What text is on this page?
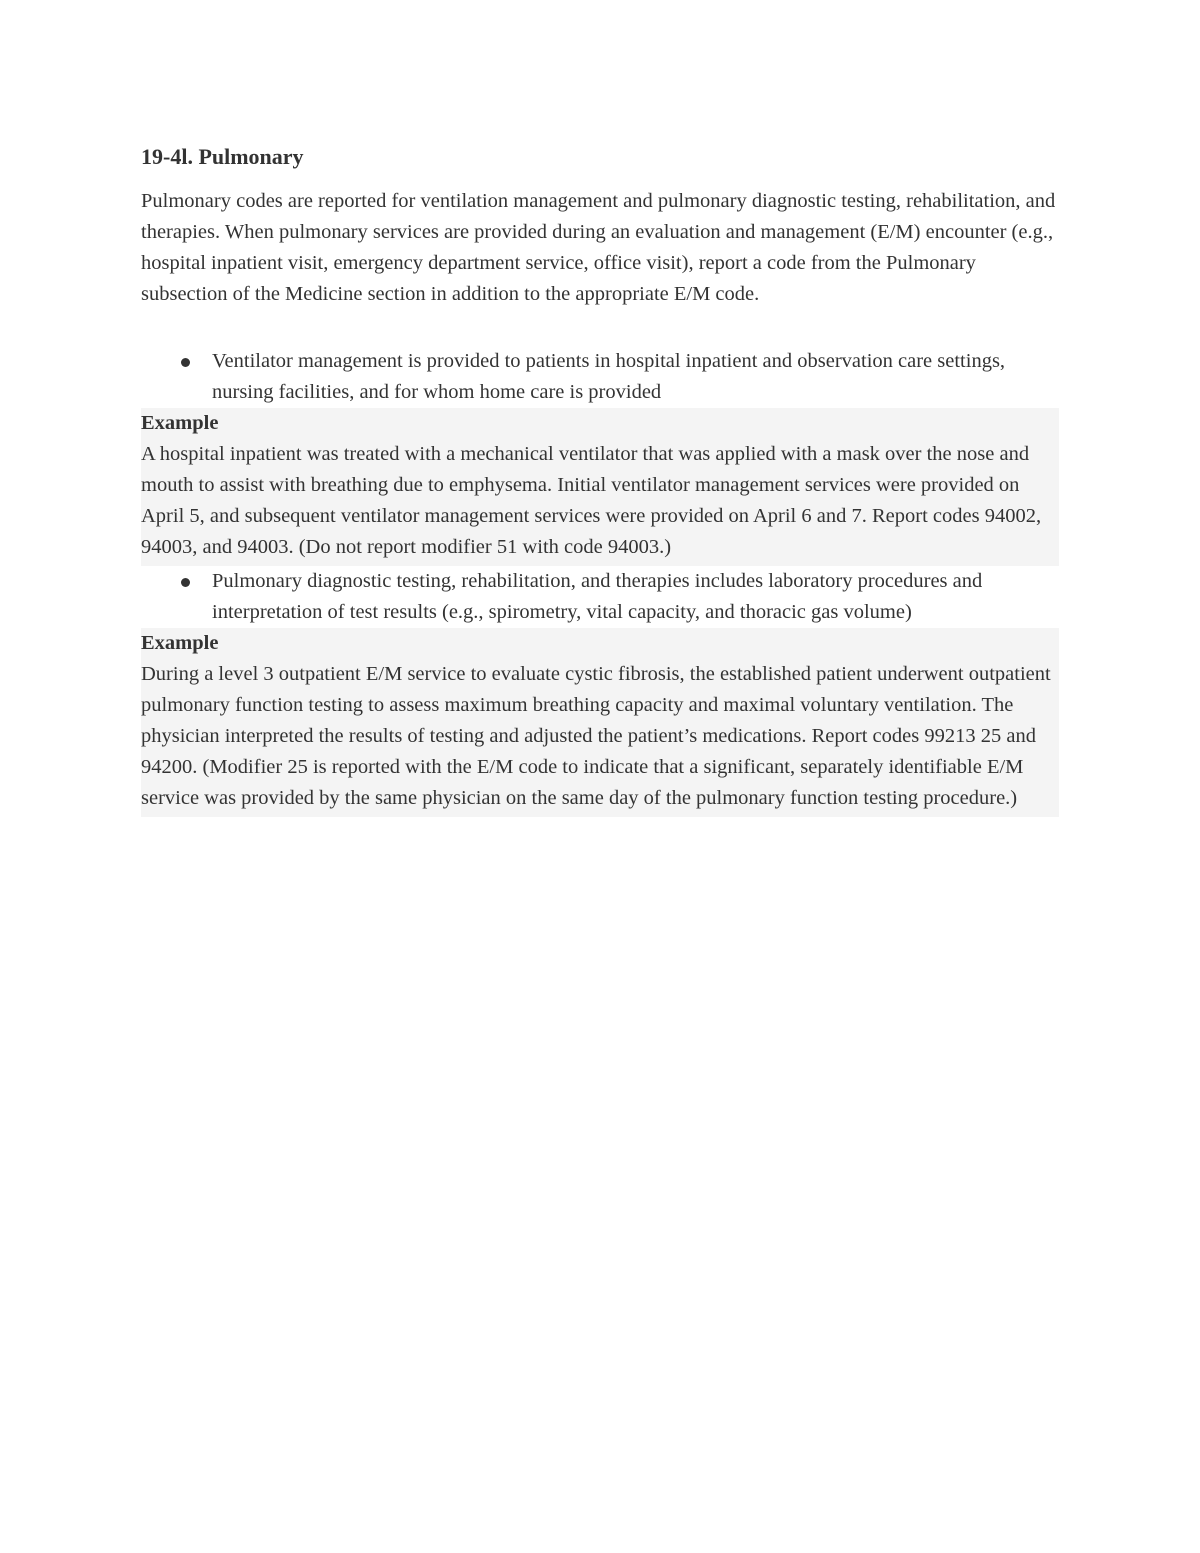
19-4l. Pulmonary

Pulmonary codes are reported for ventilation management and pulmonary diagnostic testing, rehabilitation, and therapies. When pulmonary services are provided during an evaluation and management (E/M) encounter (e.g., hospital inpatient visit, emergency department service, office visit), report a code from the Pulmonary subsection of the Medicine section in addition to the appropriate E/M code.

Ventilator management is provided to patients in hospital inpatient and observation care settings, nursing facilities, and for whom home care is provided
Example
A hospital inpatient was treated with a mechanical ventilator that was applied with a mask over the nose and mouth to assist with breathing due to emphysema. Initial ventilator management services were provided on April 5, and subsequent ventilator management services were provided on April 6 and 7. Report codes 94002, 94003, and 94003. (Do not report modifier 51 with code 94003.)
Pulmonary diagnostic testing, rehabilitation, and therapies includes laboratory procedures and interpretation of test results (e.g., spirometry, vital capacity, and thoracic gas volume)
Example
During a level 3 outpatient E/M service to evaluate cystic fibrosis, the established patient underwent outpatient pulmonary function testing to assess maximum breathing capacity and maximal voluntary ventilation. The physician interpreted the results of testing and adjusted the patient’s medications. Report codes 99213 25 and 94200. (Modifier 25 is reported with the E/M code to indicate that a significant, separately identifiable E/M service was provided by the same physician on the same day of the pulmonary function testing procedure.)
